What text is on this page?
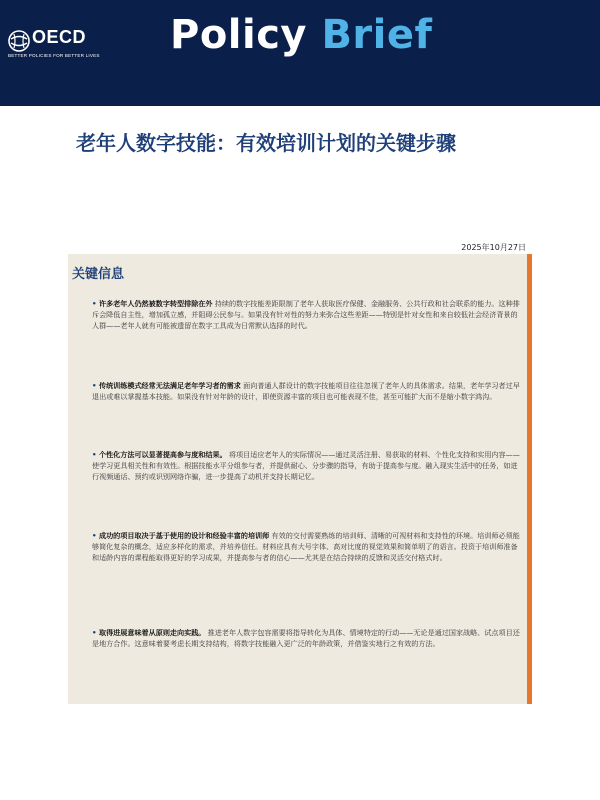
OECD
BETTER POLICIES FOR BETTER LIVES Policy Brief
老年人数字技能：有效培训计划的关键步骤
2025年10月27日
关键信息
• 许多老年人仍然被数字转型排除在外 持续的数字技能差距限制了老年人获取医疗保健、金融服务、公共行政和社会联系的能力。这种排斥会降低自主性，增加孤立感，并阻碍公民参与。如果没有针对性的努力来弥合这些差距——特别是针对女性和来自较低社会经济背景的人群——老年人就有可能被遗留在数字工具成为日常默认选择的时代。
• 传统训练模式经常无法满足老年学习者的需求 面向普通人群设计的数字技能项目往往忽视了老年人的具体需求。结果，老年学习者过早退出或难以掌握基本技能。如果没有针对年龄的设计，即使资源丰富的项目也可能表现不佳，甚至可能扩大而不是缩小数字鸿沟。
• 个性化方法可以显著提高参与度和结果。 将项目适应老年人的实际情况——通过灵活注册、易获取的材料、个性化支持和实用内容——使学习更具相关性和有效性。根据技能水平分组参与者，并提供耐心、分步骤的指导，有助于提高参与度。融入现实生活中的任务，如进行视频通话、预约或识别网络诈骗，进一步提高了动机并支持长期记忆。
• 成功的项目取决于基于使用的设计和经验丰富的培训师 有效的交付需要熟练的培训师、清晰的可视材料和支持性的环境。培训师必须能够简化复杂的概念，适应多样化的需求，并培养信任。材料应具有大号字体、高对比度的视觉效果和简单明了的语言。投资于培训师准备和适龄内容的课程能取得更好的学习成果，并提高参与者的信心——尤其是在结合持续的反馈和灵活交付格式时。
• 取得进展意味着从原则走向实践。 推进老年人数字包容需要将指导转化为具体、情境特定的行动——无论是通过国家战略、试点项目还是地方合作。这意味着要考虑长期支持结构，将数字技能融入更广泛的年龄政策，并借鉴实地行之有效的方法。
